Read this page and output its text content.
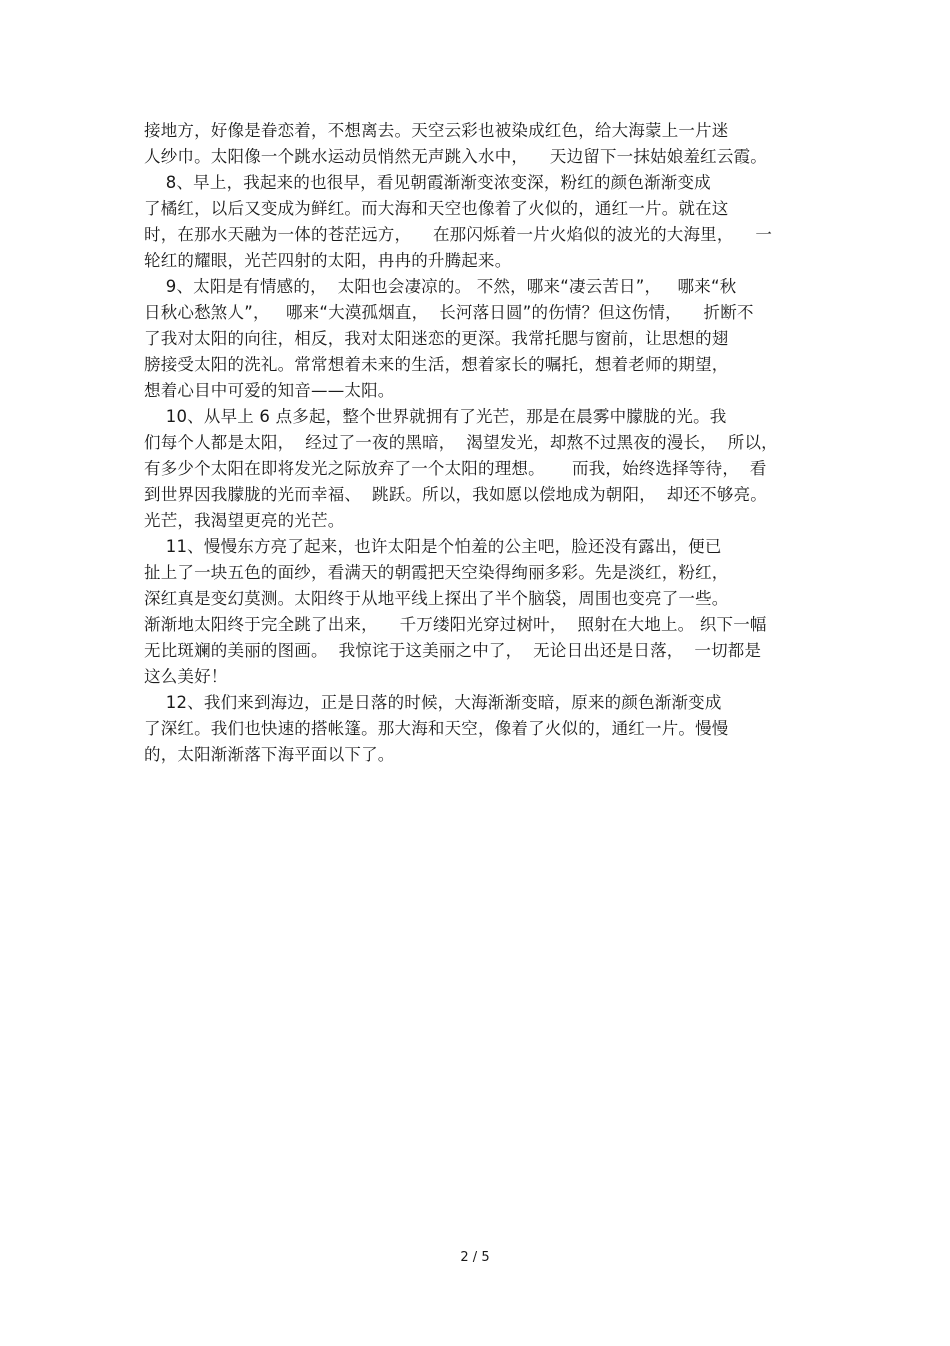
接地方，好像是眷恋着，不想离去。天空云彩也被染成红色，给大海蒙上一片迷
人纱巾。太阳像一个跳水运动员悄然无声跳入水中，    天边留下一抹姑娘羞红云霞。
8、早上，我起来的也很早，看见朝霞渐渐变浓变深，粉红的颜色渐渐变成
了橘红，以后又变成为鲜红。而大海和天空也像着了火似的，通红一片。就在这
时，在那水天融为一体的苍茫远方，    在那闪烁着一片火焰似的波光的大海里，    一
轮红的耀眼，光芒四射的太阳，冉冉的升腾起来。
9、太阳是有情感的，  太阳也会凄凉的。 不然，哪来“凄云苦日”，   哪来“秋
日秋心愁煞人”，   哪来“大漠孤烟直，  长河落日圆”的伤情？但这伤情，    折断不
了我对太阳的向往，相反，我对太阳迷恋的更深。我常托腮与窗前，让思想的翅
膀接受太阳的洗礼。常常想着未来的生活，想着家长的嘱托，想着老师的期望，
想着心目中可爱的知音——太阳。
10、从早上 6 点多起，整个世界就拥有了光芒，那是在晨雾中朦胧的光。我
们每个人都是太阳，  经过了一夜的黑暗，  渴望发光，却熬不过黑夜的漫长，  所以，
有多少个太阳在即将发光之际放弃了一个太阳的理想。     而我，始终选择等待，  看
到世界因我朦胧的光而幸福、  跳跃。所以，我如愿以偿地成为朝阳，  却还不够亮。
光芒，我渴望更亮的光芒。
11、慢慢东方亮了起来，也许太阳是个怕羞的公主吧，脸还没有露出，便已
扯上了一块五色的面纱，看满天的朝霞把天空染得绚丽多彩。先是淡红，粉红，
深红真是变幻莫测。太阳终于从地平线上探出了半个脑袋，周围也变亮了一些。
渐渐地太阳终于完全跳了出来，    千万缕阳光穿过树叶，  照射在大地上。 织下一幅
无比斑斓的美丽的图画。  我惊诧于这美丽之中了，  无论日出还是日落，  一切都是
这么美好！
12、我们来到海边，正是日落的时候，大海渐渐变暗，原来的颜色渐渐变成
了深红。我们也快速的搭帐篷。那大海和天空，像着了火似的，通红一片。慢慢
的，太阳渐渐落下海平面以下了。
2 / 5
